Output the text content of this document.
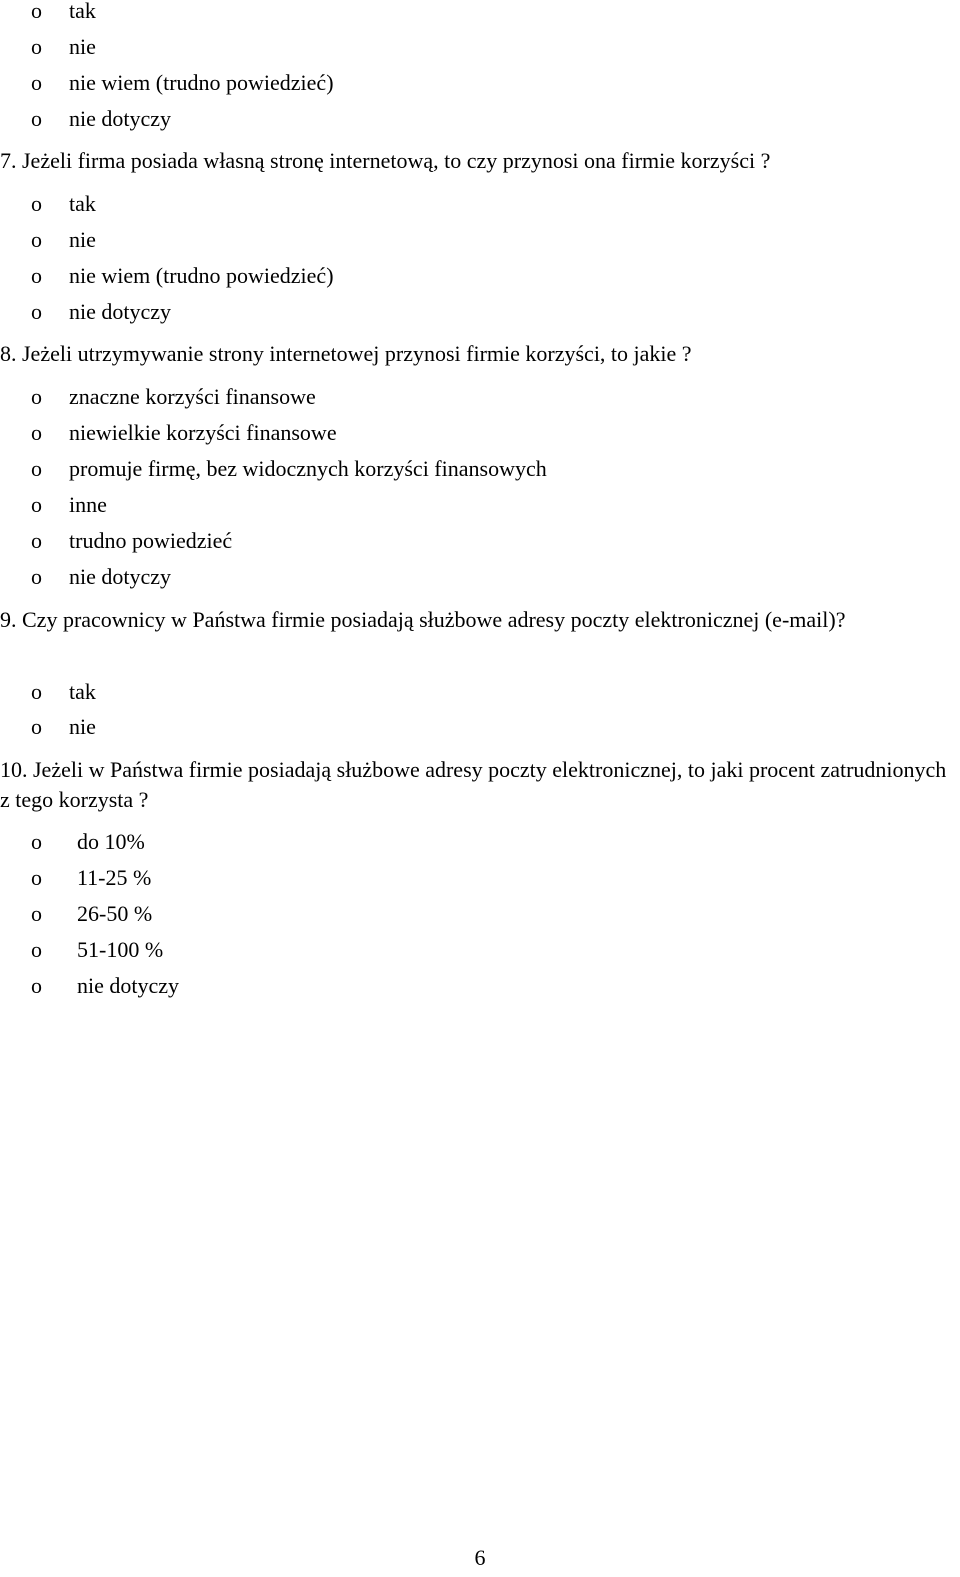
o tak
o nie
o nie wiem (trudno powiedzieć)
o nie dotyczy
7. Jeżeli firma posiada własną stronę internetową, to czy przynosi ona firmie korzyści ?
o tak
o nie
o nie wiem (trudno powiedzieć)
o nie dotyczy
8. Jeżeli utrzymywanie strony internetowej przynosi firmie korzyści, to jakie ?
o znaczne korzyści finansowe
o niewielkie korzyści finansowe
o promuje firmę, bez widocznych korzyści finansowych
o inne
o trudno powiedzieć
o nie dotyczy
9. Czy pracownicy w Państwa firmie posiadają służbowe adresy poczty elektronicznej (e-mail)?
o tak
o nie
10. Jeżeli w Państwa firmie posiadają służbowe adresy poczty elektronicznej, to jaki procent zatrudnionych z tego korzysta ?
o do 10%
o 11-25 %
o 26-50 %
o 51-100 %
o nie dotyczy
6
